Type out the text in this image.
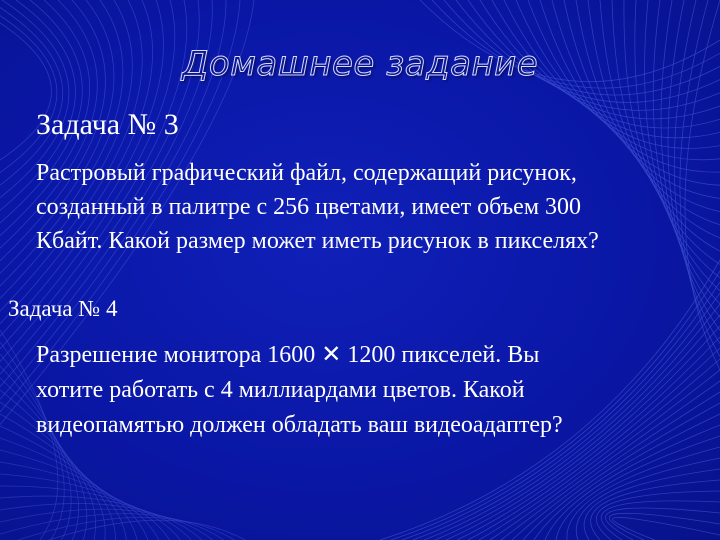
Домашнее задание
Задача № 3
Растровый графический файл, содержащий рисунок,
созданный в палитре с 256 цветами, имеет объем 300
Кбайт. Какой размер может иметь рисунок в пикселях?
Задача № 4
Разрешение монитора 1600 ✕ 1200 пикселей. Вы
хотите работать с 4 миллиардами цветов. Какой
видеопамятью должен обладать ваш видеоадаптер?
